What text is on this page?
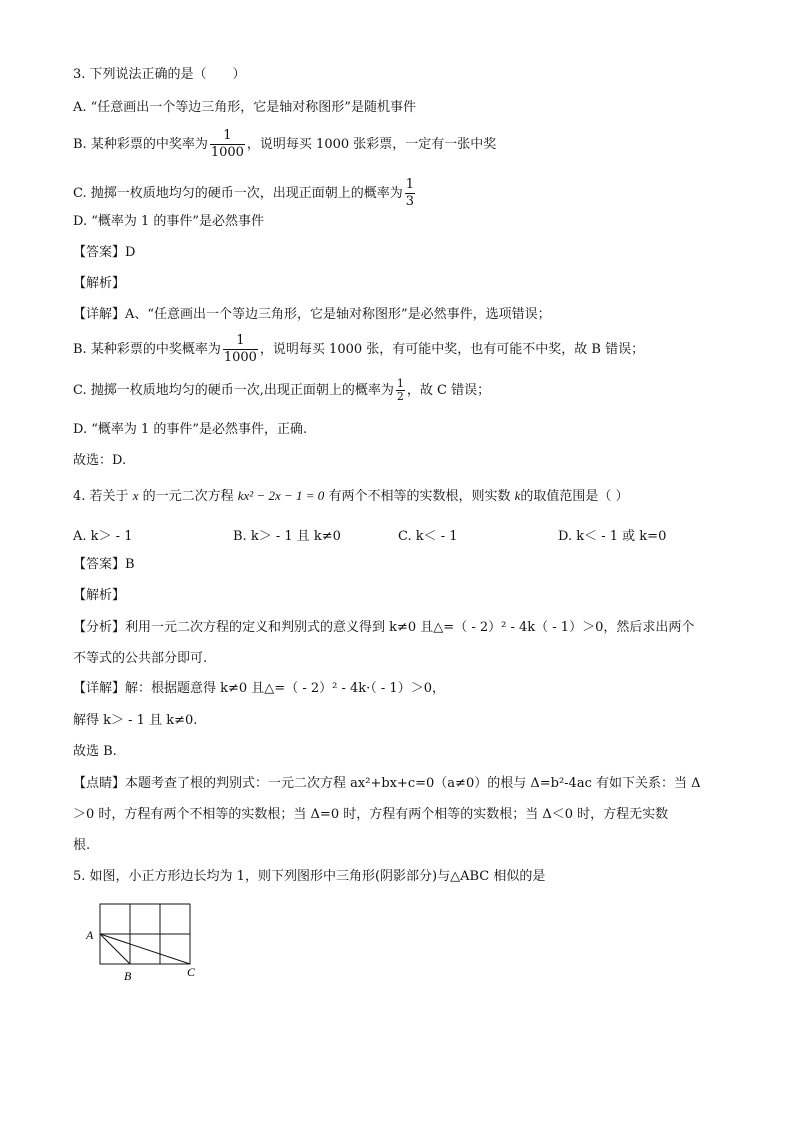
3. 下列说法正确的是（　　）
A. “任意画出一个等边三角形，它是轴对称图形”是随机事件
B. 某种彩票的中奖率为 $\frac{1}{1000}$ ，说明每买 1000 张彩票，一定有一张中奖
C. 抛掷一枚质地均匀的硬币一次，出现正面朝上的概率为 $\frac{1}{3}$
D. “概率为 1 的事件”是必然事件
【答案】D
【解析】
【详解】A、“任意画出一个等边三角形，它是轴对称图形”是必然事件，选项错误；
B. 某种彩票的中奖概率为 $\frac{1}{1000}$ ，说明每买 1000 张，有可能中奖，也有可能不中奖，故 B 错误；
C. 抛掷一枚质地均匀的硬币一次,出现正面朝上的概率为 $\frac{1}{2}$ ，故 C 错误；
D. “概率为 1 的事件”是必然事件，正确.
故选：D.
4. 若关于 x 的一元二次方程 kx² − 2x − 1 = 0 有两个不相等的实数根，则实数 k的取值范围是（ ）
A. k＞ - 1	B. k＞ - 1 且 k≠0	C. k＜ - 1	D. k＜ - 1 或 k=0
【答案】B
【解析】
【分析】利用一元二次方程的定义和判别式的意义得到 k≠0 且△=（ - 2）² - 4k（ - 1）＞0，然后求出两个
不等式的公共部分即可.
【详解】解：根据题意得 k≠0 且△=（ - 2）² - 4k·（ - 1）＞0，
解得 k＞ - 1 且 k≠0.
故选 B.
【点睛】本题考查了根的判别式：一元二次方程 ax²+bx+c=0（a≠0）的根与 Δ=b²-4ac 有如下关系：当 Δ
＞0 时，方程有两个不相等的实数根；当 Δ=0 时，方程有两个相等的实数根；当 Δ＜0 时，方程无实数
根.
5. 如图，小正方形边长均为 1，则下列图形中三角形(阴影部分)与△ABC 相似的是
A
B	C
